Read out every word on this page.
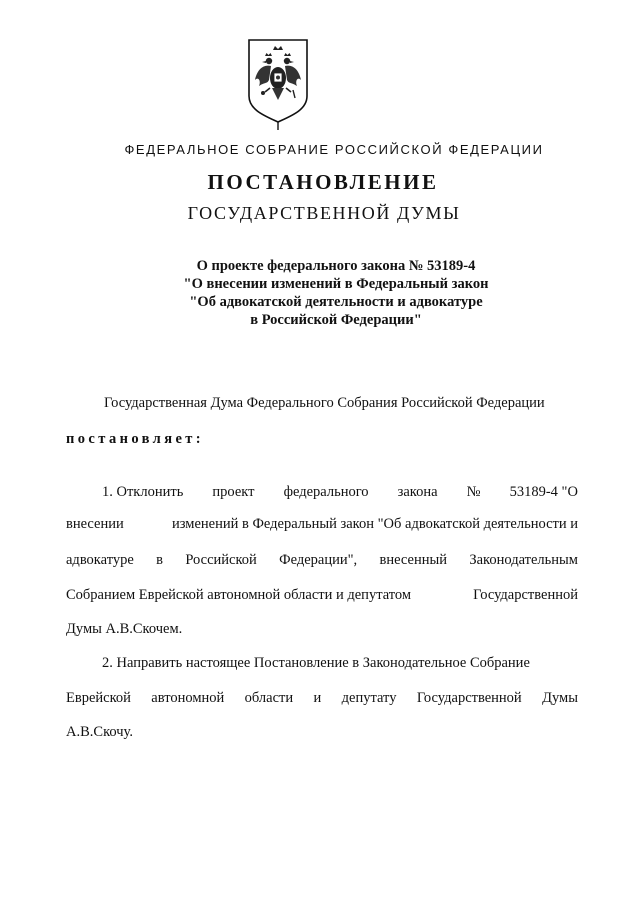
ФЕДЕРАЛЬНОЕ СОБРАНИЕ РОССИЙСКОЙ ФЕДЕРАЦИИ
ПОСТАНОВЛЕНИЕ
ГОСУДАРСТВЕННОЙ ДУМЫ
О проекте федерального закона № 53189-4
"О внесении изменений в Федеральный закон
"Об адвокатской деятельности и адвокатуре
в Российской Федерации"
Государственная Дума Федерального Собрания Российской Федерации
постановляет:
1. Отклонить проект федерального закона № 53189-4 "О
внесении	изменений в Федеральный закон "Об адвокатской деятельности и
адвокатуре в Российской Федерации", внесенный Законодательным
Собранием Еврейской автономной области и депутатом	Государственной
Думы А.В.Скочем.
2. Направить настоящее Постановление в Законодательное Собрание
Еврейской автономной области и депутату Государственной Думы
А.В.Скочу.
